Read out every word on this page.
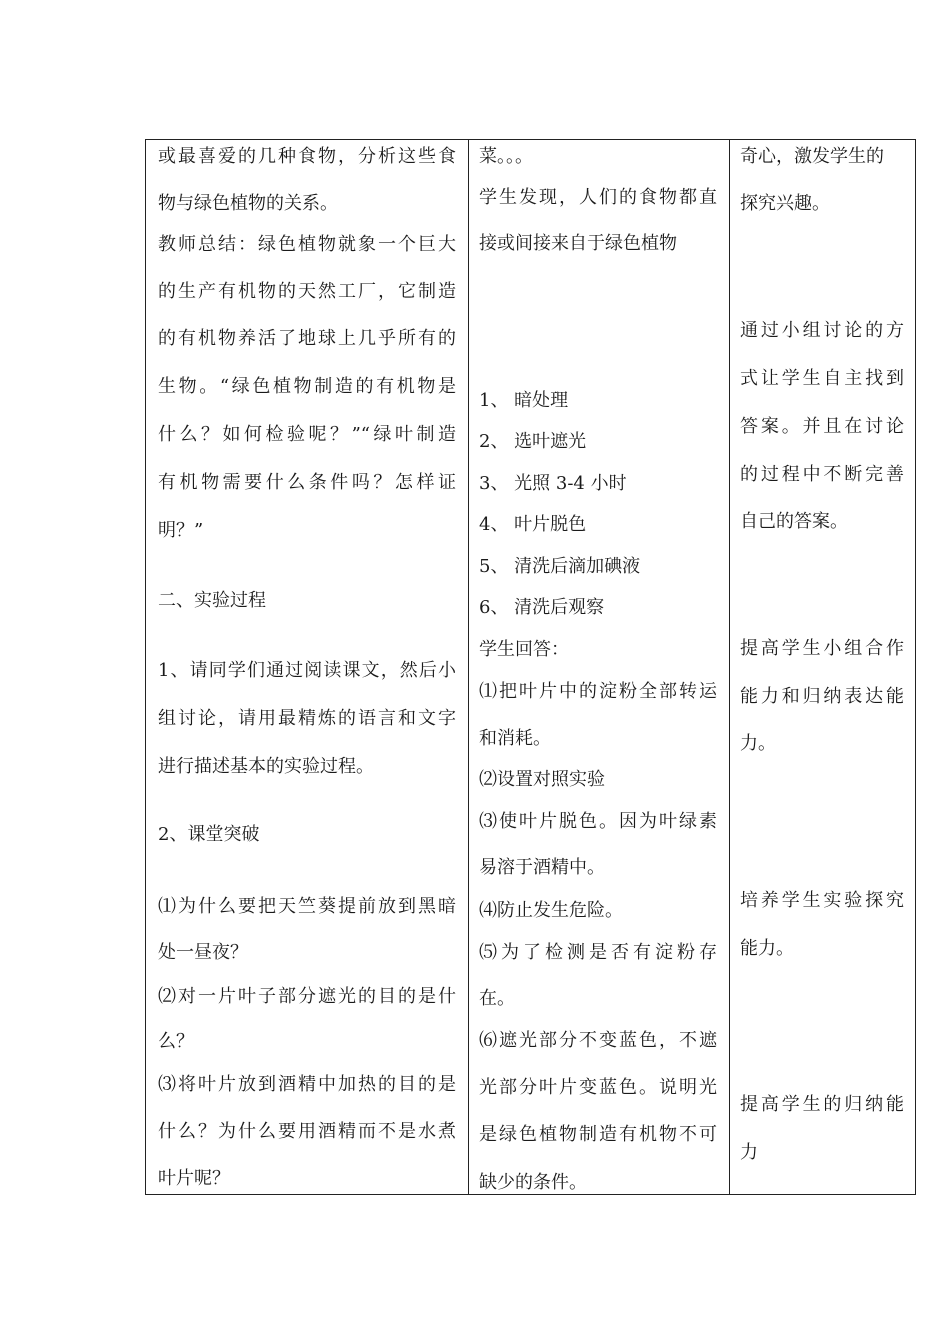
或最喜爱的几种食物，分析这些食
物与绿色植物的关系。
教师总结：绿色植物就象一个巨大
的生产有机物的天然工厂，它制造
的有机物养活了地球上几乎所有的
生物。“绿色植物制造的有机物是
什么？如何检验呢？”“绿叶制造
有机物需要什么条件吗？怎样证
明？”
二、实验过程
1、请同学们通过阅读课文，然后小
组讨论，请用最精炼的语言和文字
进行描述基本的实验过程。
2、课堂突破
⑴为什么要把天竺葵提前放到黑暗
处一昼夜？
⑵对一片叶子部分遮光的目的是什
么？
⑶将叶片放到酒精中加热的目的是
什么？为什么要用酒精而不是水煮
叶片呢？
菜。。。
学生发现，人们的食物都直
接或间接来自于绿色植物
1、 暗处理
2、 选叶遮光
3、 光照 3-4 小时
4、 叶片脱色
5、 清洗后滴加碘液
6、 清洗后观察
学生回答：
⑴把叶片中的淀粉全部转运
和消耗。
⑵设置对照实验
⑶使叶片脱色。因为叶绿素
易溶于酒精中。
⑷防止发生危险。
⑸为了检测是否有淀粉存
在。
⑹遮光部分不变蓝色，不遮
光部分叶片变蓝色。说明光
是绿色植物制造有机物不可
缺少的条件。
奇心，激发学生的
探究兴趣。
通过小组讨论的方
式让学生自主找到
答案。并且在讨论
的过程中不断完善
自己的答案。
提高学生小组合作
能力和归纳表达能
力。
培养学生实验探究
能力。
提高学生的归纳能
力
